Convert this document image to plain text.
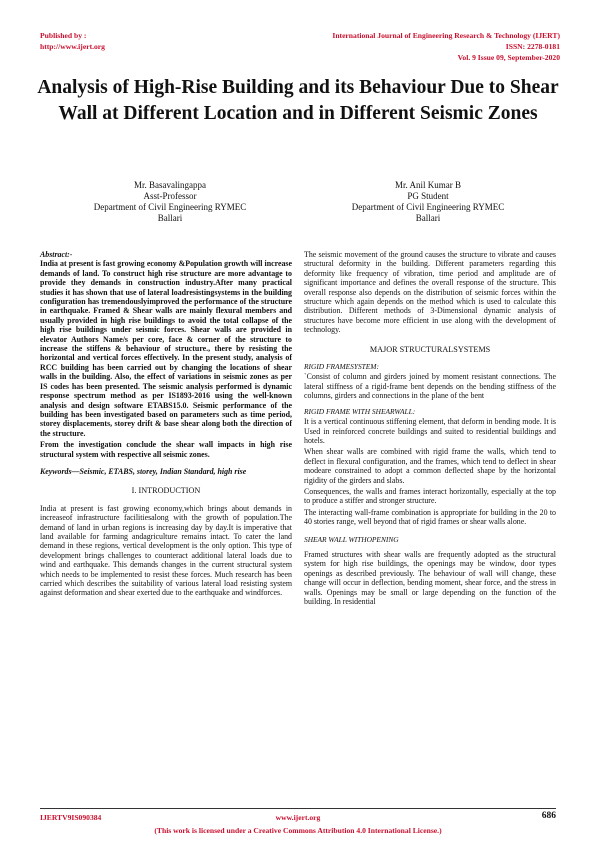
Published by :
http://www.ijert.org
International Journal of Engineering Research & Technology (IJERT)
ISSN: 2278-0181
Vol. 9 Issue 09, September-2020
Analysis of High-Rise Building and its Behaviour Due to Shear Wall at Different Location and in Different Seismic Zones
Mr. Basavalingappa
Asst-Professor
Department of Civil Engineering RYMEC
Ballari
Mr. Anil Kumar B
PG Student
Department of Civil Engineering RYMEC
Ballari

Abstract:-

India at present is fast growing economy &Population growth will increase demands of land. To construct high rise structure are more advantage to provide they demands in construction industry.After many practical studies it has shown that use of lateral loadresistingsystems in the building configuration has tremendouslyimproved the performance of the structure in earthquake. Framed & Shear walls are mainly flexural members and usually provided in high rise buildings to avoid the total collapse of the high rise buildings under seismic forces. Shear walls are provided in elevator Authors Name/s per core, face & corner of the structure to increase the stiffens & behaviour of structure., there by resisting the horizontal and vertical forces effectively. In the present study, analysis of RCC building has been carried out by changing the locations of shear walls in the building. Also, the effect of variations in seismic zones as per IS codes has been presented. The seismic analysis performed is dynamic response spectrum method as per IS1893-2016 using the well-known analysis and design software ETABS15.0. Seismic performance of the building has been investigated based on parameters such as time period, storey displacements, storey drift & base shear along both the direction of the structure.

From the investigation conclude the shear wall impacts in high rise structural system with respective all seismic zones.

Keywords—Seismic, ETABS, storey, Indian Standard, high rise

I. INTRODUCTION

India at present is fast growing economy,which brings about demands in increaseof infrastructure facilitiesalong with the growth of population.The demand of land in urban regions is increasing day by day.It is imperative that land available for farming andagriculture remains intact. To cater the land demand in these regions, vertical development is the only option. This type of development brings challenges to counteract additional lateral loads due to wind and earthquake. This demands changes in the current structural system which needs to be implemented to resist these forces. Much research has been carried which describes the suitability of various lateral load resisting system against deformation and shear exerted due to the earthquake and windforces.

The seismic movement of the ground causes the structure to vibrate and causes structural deformity in the building. Different parameters regarding this deformity like frequency of vibration, time period and amplitude are of significant importance and defines the overall response of the structure. This overall response also depends on the distribution of seismic forces within the structure which again depends on the method which is used to calculate this distribution. Different methods of 3-Dimensional dynamic analysis of structures have become more efficient in use along with the development of technology.

MAJOR STRUCTURALSYSTEMS

RIGID FRAMESYSTEM:

`Consist of column and girders joined by moment resistant connections. The lateral stiffness of a rigid-frame bent depends on the bending stiffness of the columns, girders and connections in the plane of the bent

RIGID FRAME WITH SHEARWALL:

It is a vertical continuous stiffening element, that deform in bending mode. It is Used in reinforced concrete buildings and suited to residential buildings and hotels.

When shear walls are combined with rigid frame the walls, which tend to deflect in flexural configuration, and the frames, which tend to deflect in shear modeare constrained to adopt a common deflected shape by the horizontal rigidity of the girders and slabs.

Consequences, the walls and frames interact horizontally, especially at the top to produce a stiffer and stronger structure.

The interacting wall-frame combination is appropriate for building in the 20 to 40 stories range, well beyond that of rigid frames or shear walls alone.

SHEAR WALL WITHOPENING

Framed structures with shear walls are frequently adopted as the structural system for high rise buildings, the openings may be window, door types openings as described previously. The behaviour of wall will change, these change will occur in deflection, bending moment, shear force, and the stress in walls. Openings may be small or large depending on the function of the building. In residential

IJERTV9IS090384	www.ijert.org	686
(This work is licensed under a Creative Commons Attribution 4.0 International License.)
